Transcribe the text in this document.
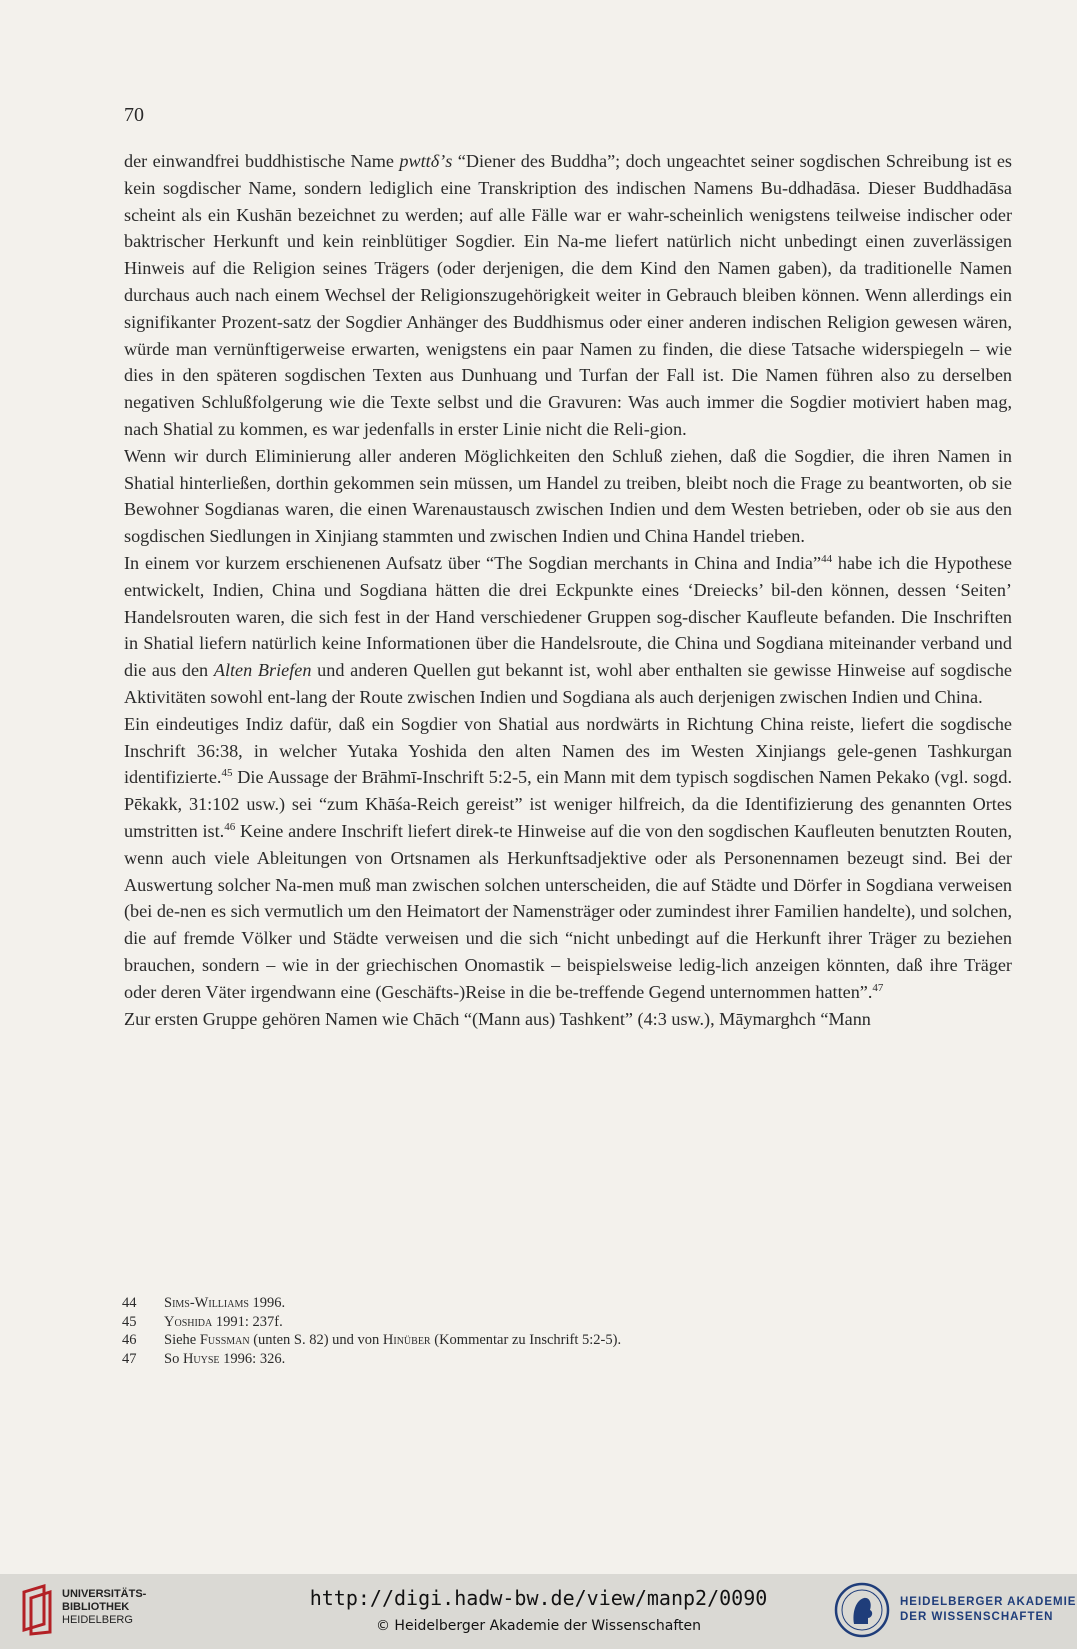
70

der einwandfrei buddhistische Name pwttδ’s “Diener des Buddha”; doch ungeachtet seiner sogdischen Schreibung ist es kein sogdischer Name, sondern lediglich eine Transkription des indischen Namens Bu-ddhadāsa. Dieser Buddhadāsa scheint als ein Kushān bezeichnet zu werden; auf alle Fälle war er wahr-scheinlich wenigstens teilweise indischer oder baktrischer Herkunft und kein reinblütiger Sogdier. Ein Na-me liefert natürlich nicht unbedingt einen zuverlässigen Hinweis auf die Religion seines Trägers (oder derjenigen, die dem Kind den Namen gaben), da traditionelle Namen durchaus auch nach einem Wechsel der Religionszugehörigkeit weiter in Gebrauch bleiben können. Wenn allerdings ein signifikanter Prozent-satz der Sogdier Anhänger des Buddhismus oder einer anderen indischen Religion gewesen wären, würde man vernünftigerweise erwarten, wenigstens ein paar Namen zu finden, die diese Tatsache widerspiegeln – wie dies in den späteren sogdischen Texten aus Dunhuang und Turfan der Fall ist. Die Namen führen also zu derselben negativen Schlußfolgerung wie die Texte selbst und die Gravuren: Was auch immer die Sogdier motiviert haben mag, nach Shatial zu kommen, es war jedenfalls in erster Linie nicht die Reli-gion.

Wenn wir durch Eliminierung aller anderen Möglichkeiten den Schluß ziehen, daß die Sogdier, die ihren Namen in Shatial hinterließen, dorthin gekommen sein müssen, um Handel zu treiben, bleibt noch die Frage zu beantworten, ob sie Bewohner Sogdianas waren, die einen Warenaustausch zwischen Indien und dem Westen betrieben, oder ob sie aus den sogdischen Siedlungen in Xinjiang stammten und zwischen Indien und China Handel trieben.

In einem vor kurzem erschienenen Aufsatz über “The Sogdian merchants in China and India”$^{44}$ habe ich die Hypothese entwickelt, Indien, China und Sogdiana hätten die drei Eckpunkte eines ‘Dreiecks’ bil-den können, dessen ‘Seiten’ Handelsrouten waren, die sich fest in der Hand verschiedener Gruppen sog-discher Kaufleute befanden. Die Inschriften in Shatial liefern natürlich keine Informationen über die Handelsroute, die China und Sogdiana miteinander verband und die aus den Alten Briefen und anderen Quellen gut bekannt ist, wohl aber enthalten sie gewisse Hinweise auf sogdische Aktivitäten sowohl ent-lang der Route zwischen Indien und Sogdiana als auch derjenigen zwischen Indien und China.

Ein eindeutiges Indiz dafür, daß ein Sogdier von Shatial aus nordwärts in Richtung China reiste, liefert die sogdische Inschrift 36:38, in welcher Yutaka Yoshida den alten Namen des im Westen Xinjiangs gele-genen Tashkurgan identifizierte.$^{45}$ Die Aussage der Brāhmī-Inschrift 5:2-5, ein Mann mit dem typisch sogdischen Namen Pekako (vgl. sogd. Pēkakk, 31:102 usw.) sei “zum Khāśa-Reich gereist” ist weniger hilfreich, da die Identifizierung des genannten Ortes umstritten ist.$^{46}$ Keine andere Inschrift liefert direk-te Hinweise auf die von den sogdischen Kaufleuten benutzten Routen, wenn auch viele Ableitungen von Ortsnamen als Herkunftsadjektive oder als Personennamen bezeugt sind. Bei der Auswertung solcher Na-men muß man zwischen solchen unterscheiden, die auf Städte und Dörfer in Sogdiana verweisen (bei de-nen es sich vermutlich um den Heimatort der Namensträger oder zumindest ihrer Familien handelte), und solchen, die auf fremde Völker und Städte verweisen und die sich “nicht unbedingt auf die Herkunft ihrer Träger zu beziehen brauchen, sondern – wie in der griechischen Onomastik – beispielsweise ledig-lich anzeigen könnten, daß ihre Träger oder deren Väter irgendwann eine (Geschäfts-)Reise in die be-treffende Gegend unternommen hatten”.$^{47}$

Zur ersten Gruppe gehören Namen wie Chāch “(Mann aus) Tashkent” (4:3 usw.), Māymarghch “Mann

44	Sims-Williams 1996.
45	Yoshida 1991: 237f.
46	Siehe Fussman (unten S. 82) und von Hinüber (Kommentar zu Inschrift 5:2-5).
47	So Huyse 1996: 326.
UNIVERSITÄTS-
BIBLIOTHEK
HEIDELBERG
http://digi.hadw-bw.de/view/manp2/0090
© Heidelberger Akademie der Wissenschaften
HEIDELBERGER AKADEMIE
DER WISSENSCHAFTEN
